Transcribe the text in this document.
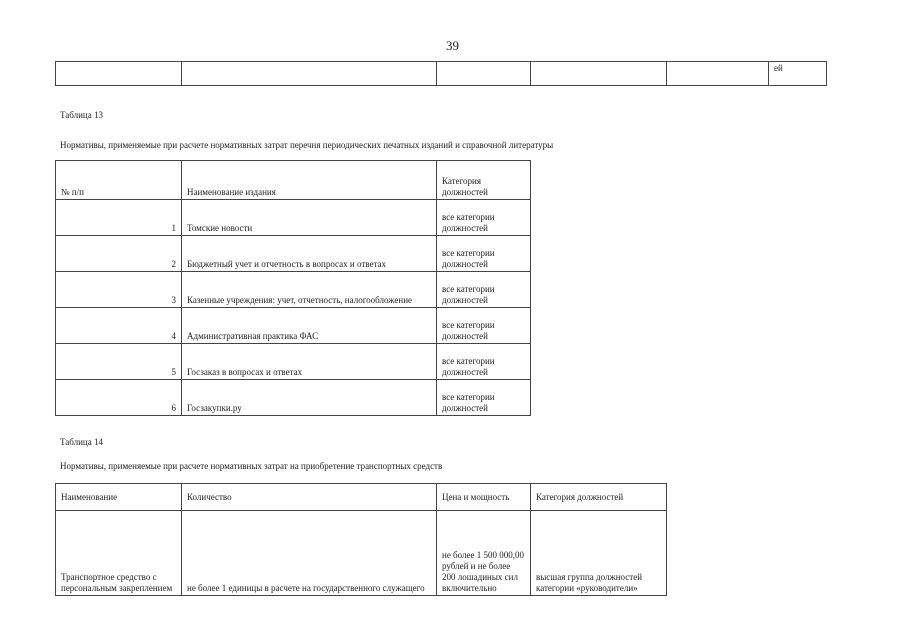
39
					ей
Таблица 13
Нормативы, применяемые при расчете нормативных затрат перечня периодических печатных изданий и справочной литературы
№ п/п	Наименование издания	Категория должностей
1	Томские новости	все категории должностей
2	Бюджетный учет и отчетность в вопросах и ответах	все категории должностей
3	Казенные учреждения: учет, отчетность, налогообложение	все категории должностей
4	Административная практика ФАС	все категории должностей
5	Госзаказ в вопросах и ответах	все категории должностей
6	Госзакупки.ру	все категории должностей
Таблица 14
Нормативы, применяемые при расчете нормативных затрат на приобретение транспортных средств
Наименование	Количество	Цена и мощность	Категория должностей
Транспортное средство с персональным закреплением	не более 1 единицы в расчете на государственного служащего	не более 1 500 000,00 рублей и не более 200 лошадиных сил включительно	высшая группа должностей категории «руководители»
